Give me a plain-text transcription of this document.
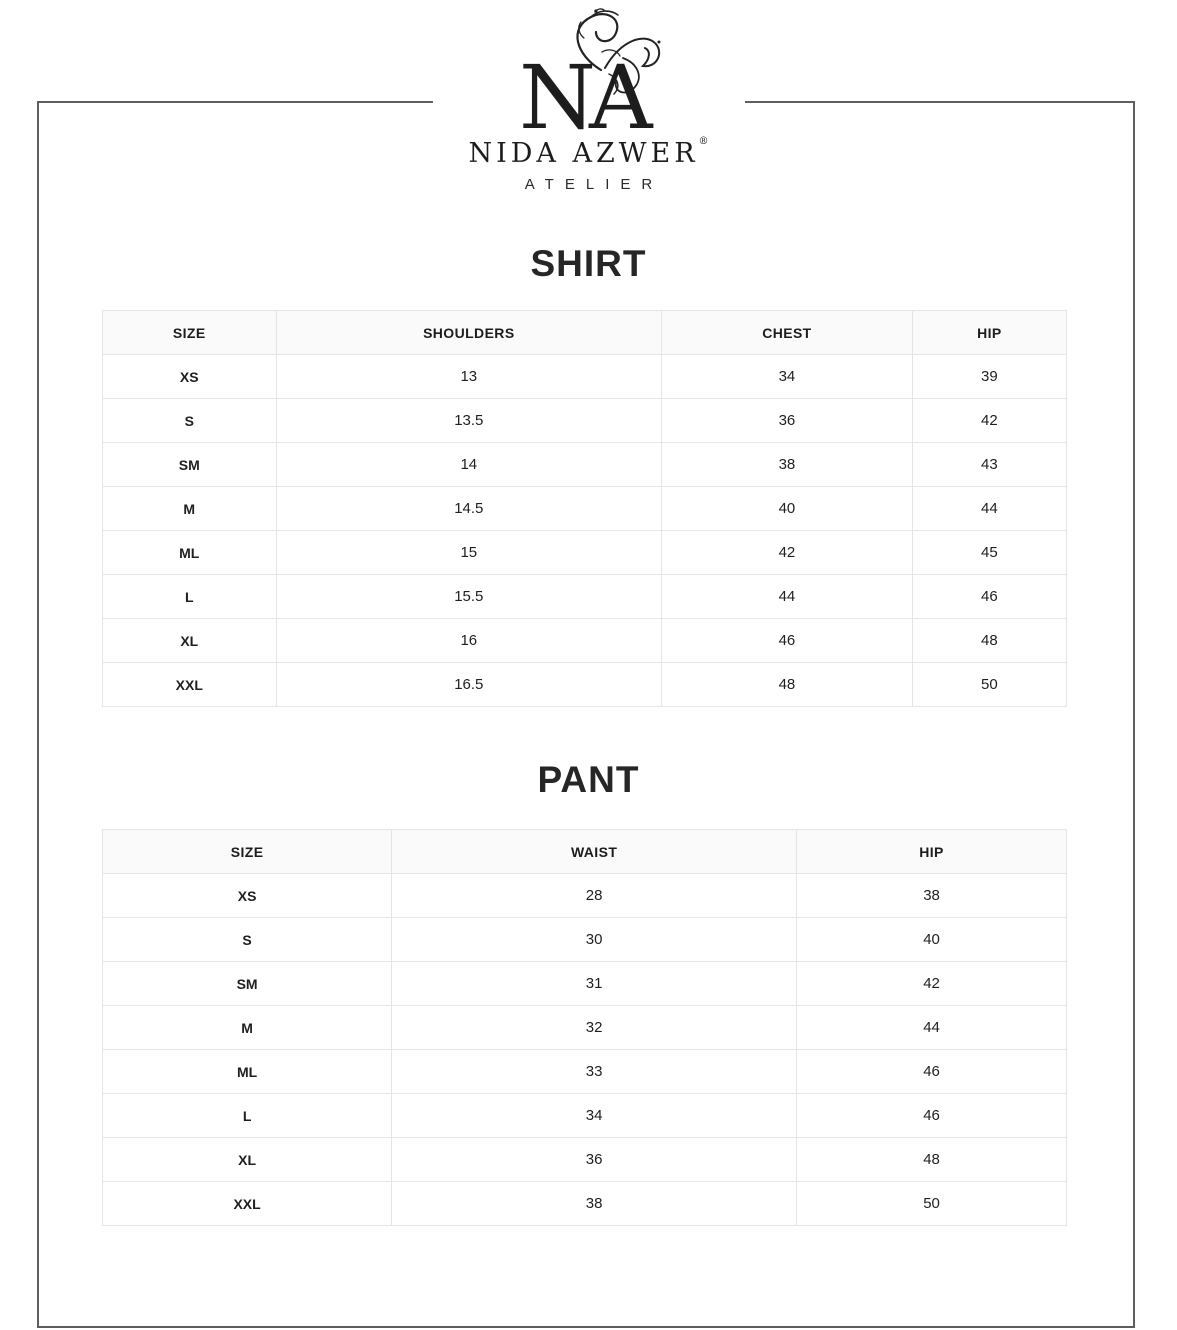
NA
NIDA AZWER®
ATELIER
SHIRT
SIZE	SHOULDERS	CHEST	HIP
XS	13	34	39
S	13.5	36	42
SM	14	38	43
M	14.5	40	44
ML	15	42	45
L	15.5	44	46
XL	16	46	48
XXL	16.5	48	50
PANT
SIZE	WAIST	HIP
XS	28	38
S	30	40
SM	31	42
M	32	44
ML	33	46
L	34	46
XL	36	48
XXL	38	50
